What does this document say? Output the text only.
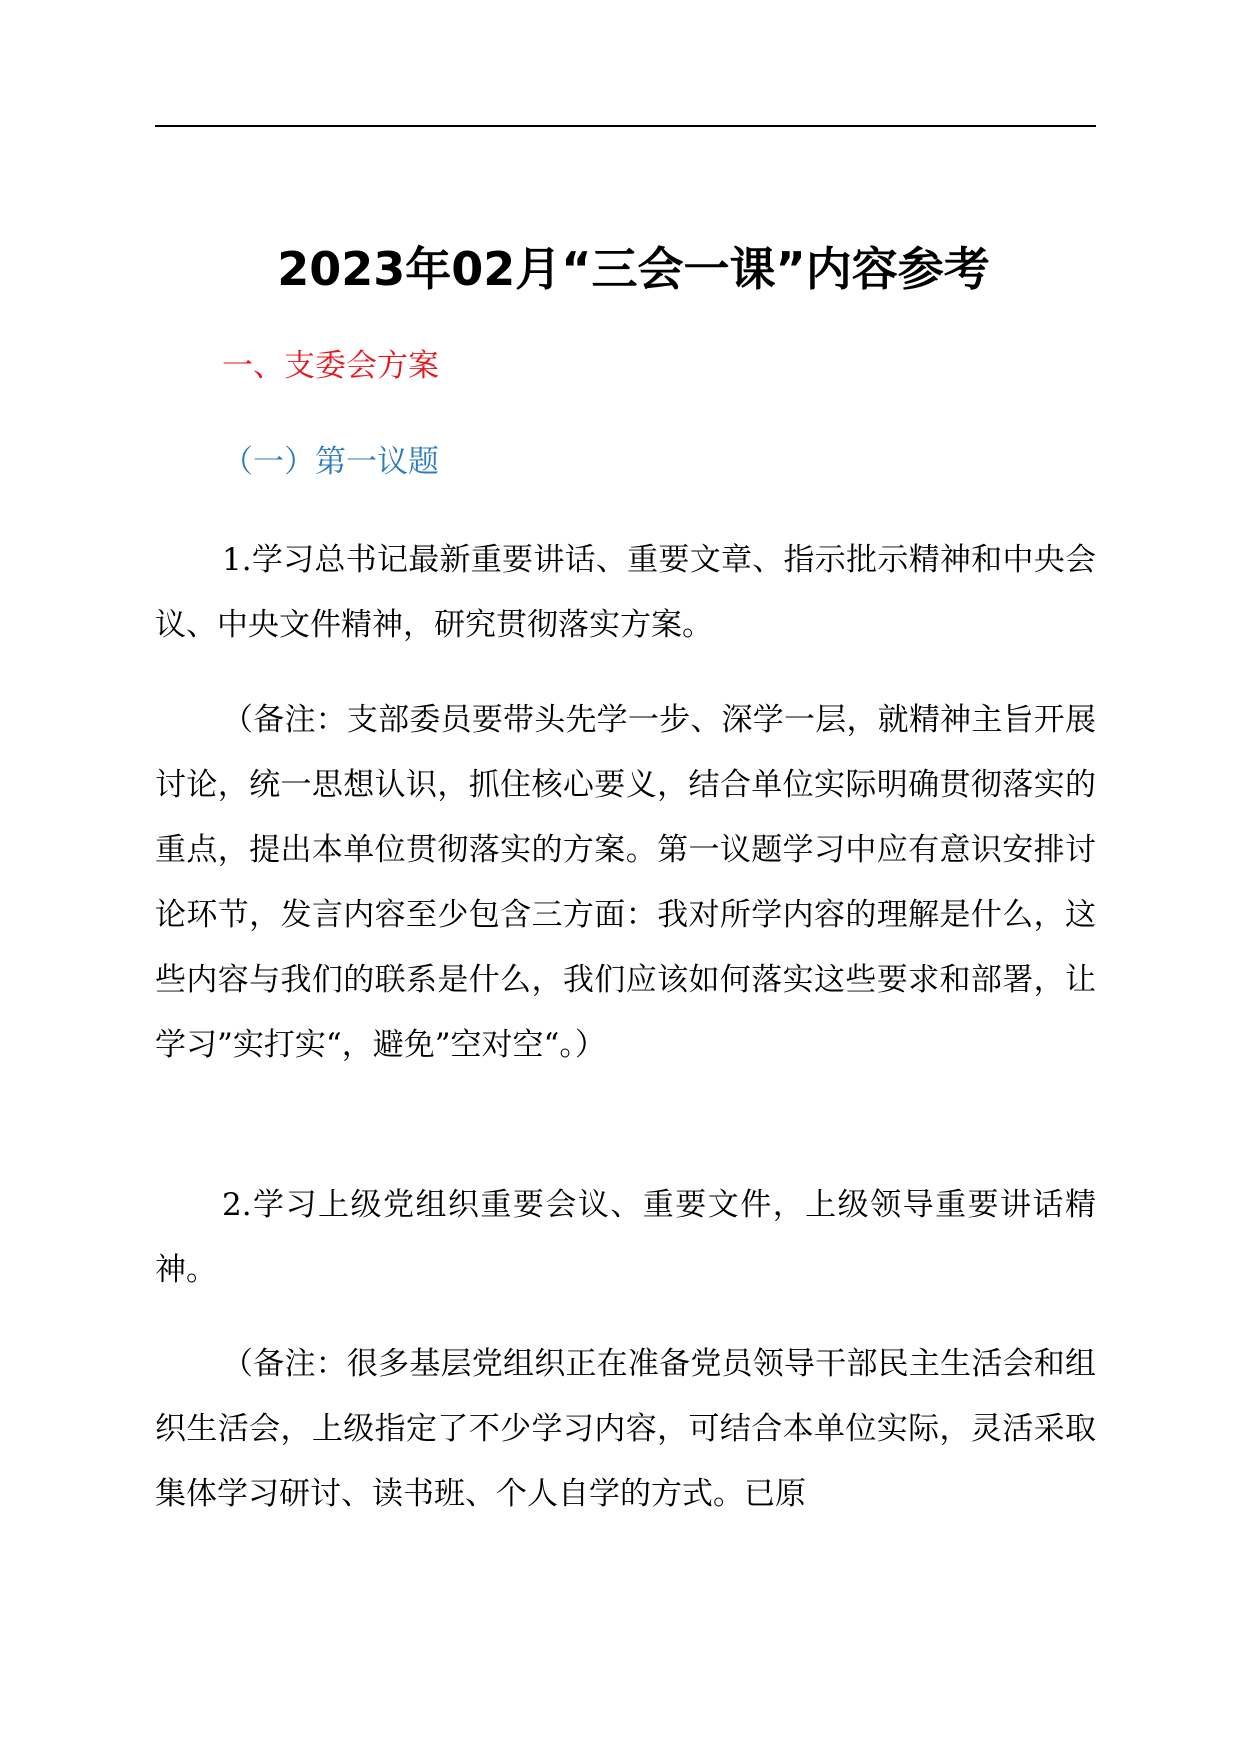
2023年02月“三会一课”内容参考
一、支委会方案
（一）第一议题

1.学习总书记最新重要讲话、重要文章、指示批示精神和中央会议、中央文件精神，研究贯彻落实方案。

（备注：支部委员要带头先学一步、深学一层，就精神主旨开展讨论，统一思想认识，抓住核心要义，结合单位实际明确贯彻落实的重点，提出本单位贯彻落实的方案。第一议题学习中应有意识安排讨论环节，发言内容至少包含三方面：我对所学内容的理解是什么，这些内容与我们的联系是什么，我们应该如何落实这些要求和部署，让学习”实打实“，避免”空对空“。）

2.学习上级党组织重要会议、重要文件，上级领导重要讲话精神。

（备注：很多基层党组织正在准备党员领导干部民主生活会和组织生活会，上级指定了不少学习内容，可结合本单位实际，灵活采取集体学习研讨、读书班、个人自学的方式。已原
